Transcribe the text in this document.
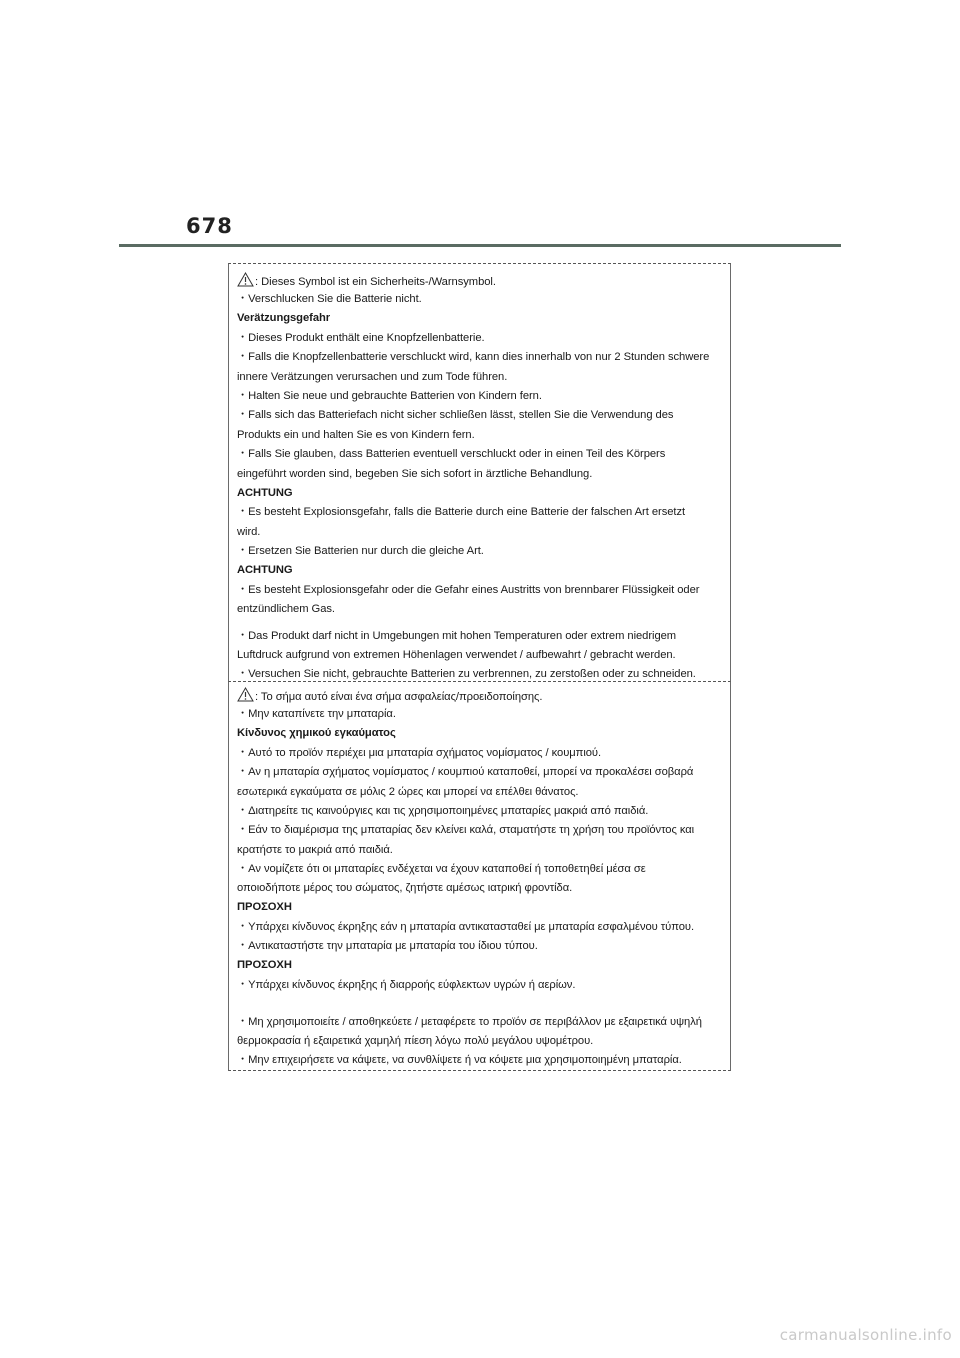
678
: Dieses Symbol ist ein Sicherheits-/Warnsymbol.
・Verschlucken Sie die Batterie nicht.
Verätzungsgefahr
・Dieses Produkt enthält eine Knopfzellenbatterie.
・Falls die Knopfzellenbatterie verschluckt wird, kann dies innerhalb von nur 2 Stunden schwere
innere Verätzungen verursachen und zum Tode führen.
・Halten Sie neue und gebrauchte Batterien von Kindern fern.
・Falls sich das Batteriefach nicht sicher schließen lässt, stellen Sie die Verwendung des
Produkts ein und halten Sie es von Kindern fern.
・Falls Sie glauben, dass Batterien eventuell verschluckt oder in einen Teil des Körpers
eingeführt worden sind, begeben Sie sich sofort in ärztliche Behandlung.
ACHTUNG
・Es besteht Explosionsgefahr, falls die Batterie durch eine Batterie der falschen Art ersetzt
wird.
・Ersetzen Sie Batterien nur durch die gleiche Art.
ACHTUNG
・Es besteht Explosionsgefahr oder die Gefahr eines Austritts von brennbarer Flüssigkeit oder
entzündlichem Gas.
・Das Produkt darf nicht in Umgebungen mit hohen Temperaturen oder extrem niedrigem
Luftdruck aufgrund von extremen Höhenlagen verwendet / aufbewahrt / gebracht werden.
・Versuchen Sie nicht, gebrauchte Batterien zu verbrennen, zu zerstoßen oder zu schneiden.
: Το σήμα αυτό είναι ένα σήμα ασφαλείας/προειδοποίησης.
・Μην καταπίνετε την μπαταρία.
Κίνδυνος χημικού εγκαύματος
・Αυτό το προϊόν περιέχει μια μπαταρία σχήματος νομίσματος / κουμπιού.
・Αν η μπαταρία σχήματος νομίσματος / κουμπιού καταποθεί, μπορεί να προκαλέσει σοβαρά
εσωτερικά εγκαύματα σε μόλις 2 ώρες και μπορεί να επέλθει θάνατος.
・Διατηρείτε τις καινούργιες και τις χρησιμοποιημένες μπαταρίες μακριά από παιδιά.
・Εάν το διαμέρισμα της μπαταρίας δεν κλείνει καλά, σταματήστε τη χρήση του προϊόντος και
κρατήστε το μακριά από παιδιά.
・Αν νομίζετε ότι οι μπαταρίες ενδέχεται να έχουν καταποθεί ή τοποθετηθεί μέσα σε
οποιοδήποτε μέρος του σώματος, ζητήστε αμέσως ιατρική φροντίδα.
ΠΡΟΣΟΧΗ
・Υπάρχει κίνδυνος έκρηξης εάν η μπαταρία αντικατασταθεί με μπαταρία εσφαλμένου τύπου.
・Αντικαταστήστε την μπαταρία με μπαταρία του ίδιου τύπου.
ΠΡΟΣΟΧΗ
・Υπάρχει κίνδυνος έκρηξης ή διαρροής εύφλεκτων υγρών ή αερίων.
・Μη χρησιμοποιείτε / αποθηκεύετε / μεταφέρετε το προϊόν σε περιβάλλον με εξαιρετικά υψηλή
θερμοκρασία ή εξαιρετικά χαμηλή πίεση λόγω πολύ μεγάλου υψομέτρου.
・Μην επιχειρήσετε να κάψετε, να συνθλίψετε ή να κόψετε μια χρησιμοποιημένη μπαταρία.
carmanualsonline.info
